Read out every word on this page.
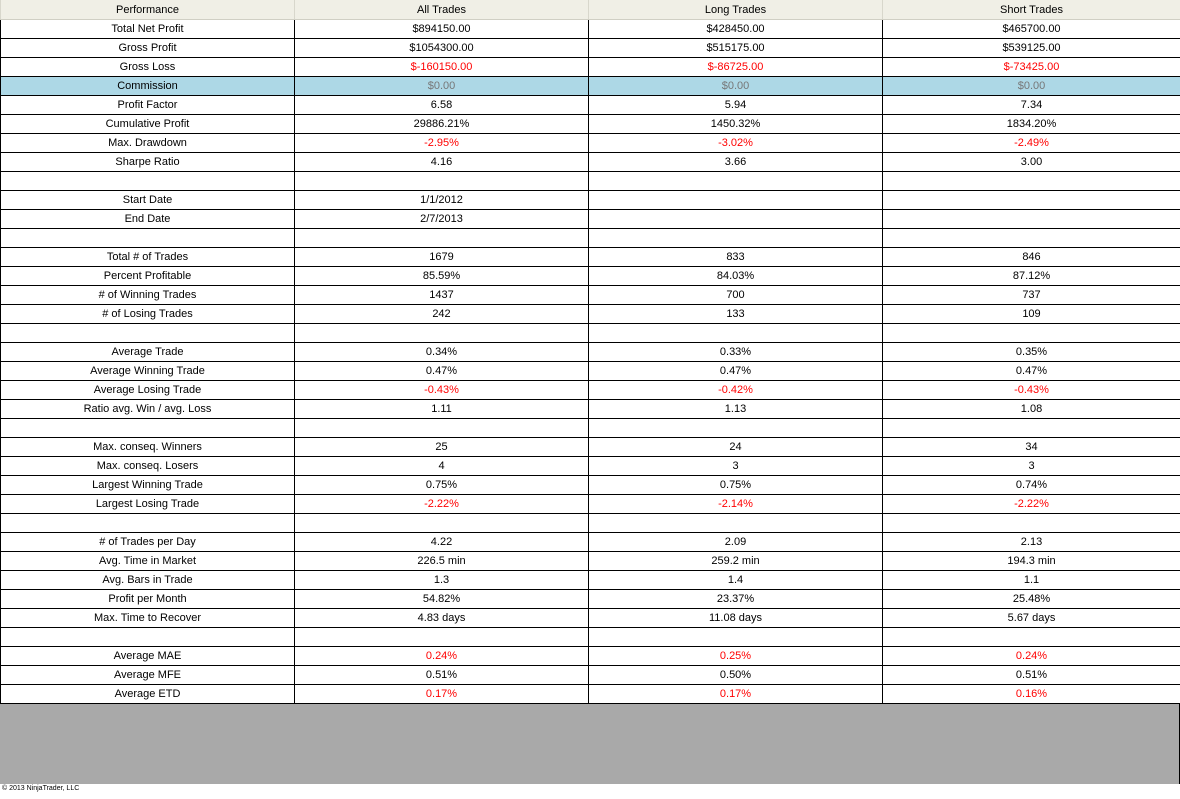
Performance	All Trades	Long Trades	Short Trades
Total Net Profit	$894150.00	$428450.00	$465700.00
Gross Profit	$1054300.00	$515175.00	$539125.00
Gross Loss	$-160150.00	$-86725.00	$-73425.00
Commission	$0.00	$0.00	$0.00
Profit Factor	6.58	5.94	7.34
Cumulative Profit	29886.21%	1450.32%	1834.20%
Max. Drawdown	-2.95%	-3.02%	-2.49%
Sharpe Ratio	4.16	3.66	3.00

Start Date	1/1/2012		
End Date	2/7/2013		

Total # of Trades	1679	833	846
Percent Profitable	85.59%	84.03%	87.12%
# of Winning Trades	1437	700	737
# of Losing Trades	242	133	109

Average Trade	0.34%	0.33%	0.35%
Average Winning Trade	0.47%	0.47%	0.47%
Average Losing Trade	-0.43%	-0.42%	-0.43%
Ratio avg. Win / avg. Loss	1.11	1.13	1.08

Max. conseq. Winners	25	24	34
Max. conseq. Losers	4	3	3
Largest Winning Trade	0.75%	0.75%	0.74%
Largest Losing Trade	-2.22%	-2.14%	-2.22%

# of Trades per Day	4.22	2.09	2.13
Avg. Time in Market	226.5 min	259.2 min	194.3 min
Avg. Bars in Trade	1.3	1.4	1.1
Profit per Month	54.82%	23.37%	25.48%
Max. Time to Recover	4.83 days	11.08 days	5.67 days

Average MAE	0.24%	0.25%	0.24%
Average MFE	0.51%	0.50%	0.51%
Average ETD	0.17%	0.17%	0.16%
© 2013 NinjaTrader, LLC
